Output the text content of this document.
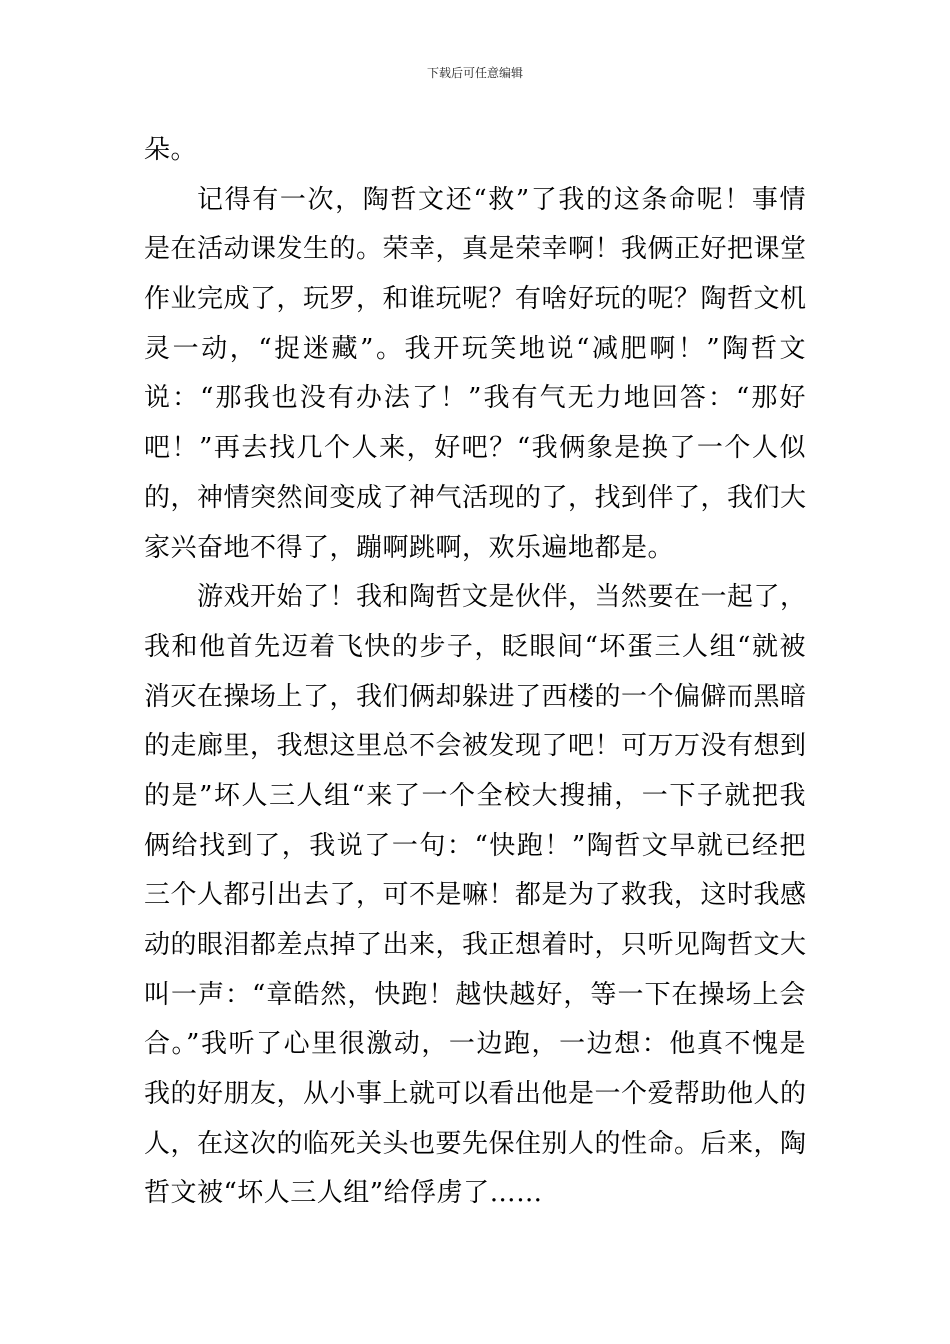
下载后可任意编辑
朵。
记得有一次，陶哲文还“救”了我的这条命呢！事情
是在活动课发生的。荣幸，真是荣幸啊！我俩正好把课堂
作业完成了，玩罗，和谁玩呢？有啥好玩的呢？陶哲文机
灵一动，“捉迷藏”。我开玩笑地说“减肥啊！”陶哲文
说：“那我也没有办法了！”我有气无力地回答：“那好
吧！”再去找几个人来，好吧？“我俩象是换了一个人似
的，神情突然间变成了神气活现的了，找到伴了，我们大
家兴奋地不得了，蹦啊跳啊，欢乐遍地都是。
游戏开始了！我和陶哲文是伙伴，当然要在一起了，
我和他首先迈着飞快的步子，眨眼间“坏蛋三人组“就被
消灭在操场上了，我们俩却躲进了西楼的一个偏僻而黑暗
的走廊里，我想这里总不会被发现了吧！可万万没有想到
的是”坏人三人组“来了一个全校大搜捕，一下子就把我
俩给找到了，我说了一句：“快跑！”陶哲文早就已经把
三个人都引出去了，可不是嘛！都是为了救我，这时我感
动的眼泪都差点掉了出来，我正想着时，只听见陶哲文大
叫一声：“章皓然，快跑！越快越好，等一下在操场上会
合。”我听了心里很激动，一边跑，一边想：他真不愧是
我的好朋友，从小事上就可以看出他是一个爱帮助他人的
人，在这次的临死关头也要先保住别人的性命。后来，陶
哲文被“坏人三人组”给俘虏了……
